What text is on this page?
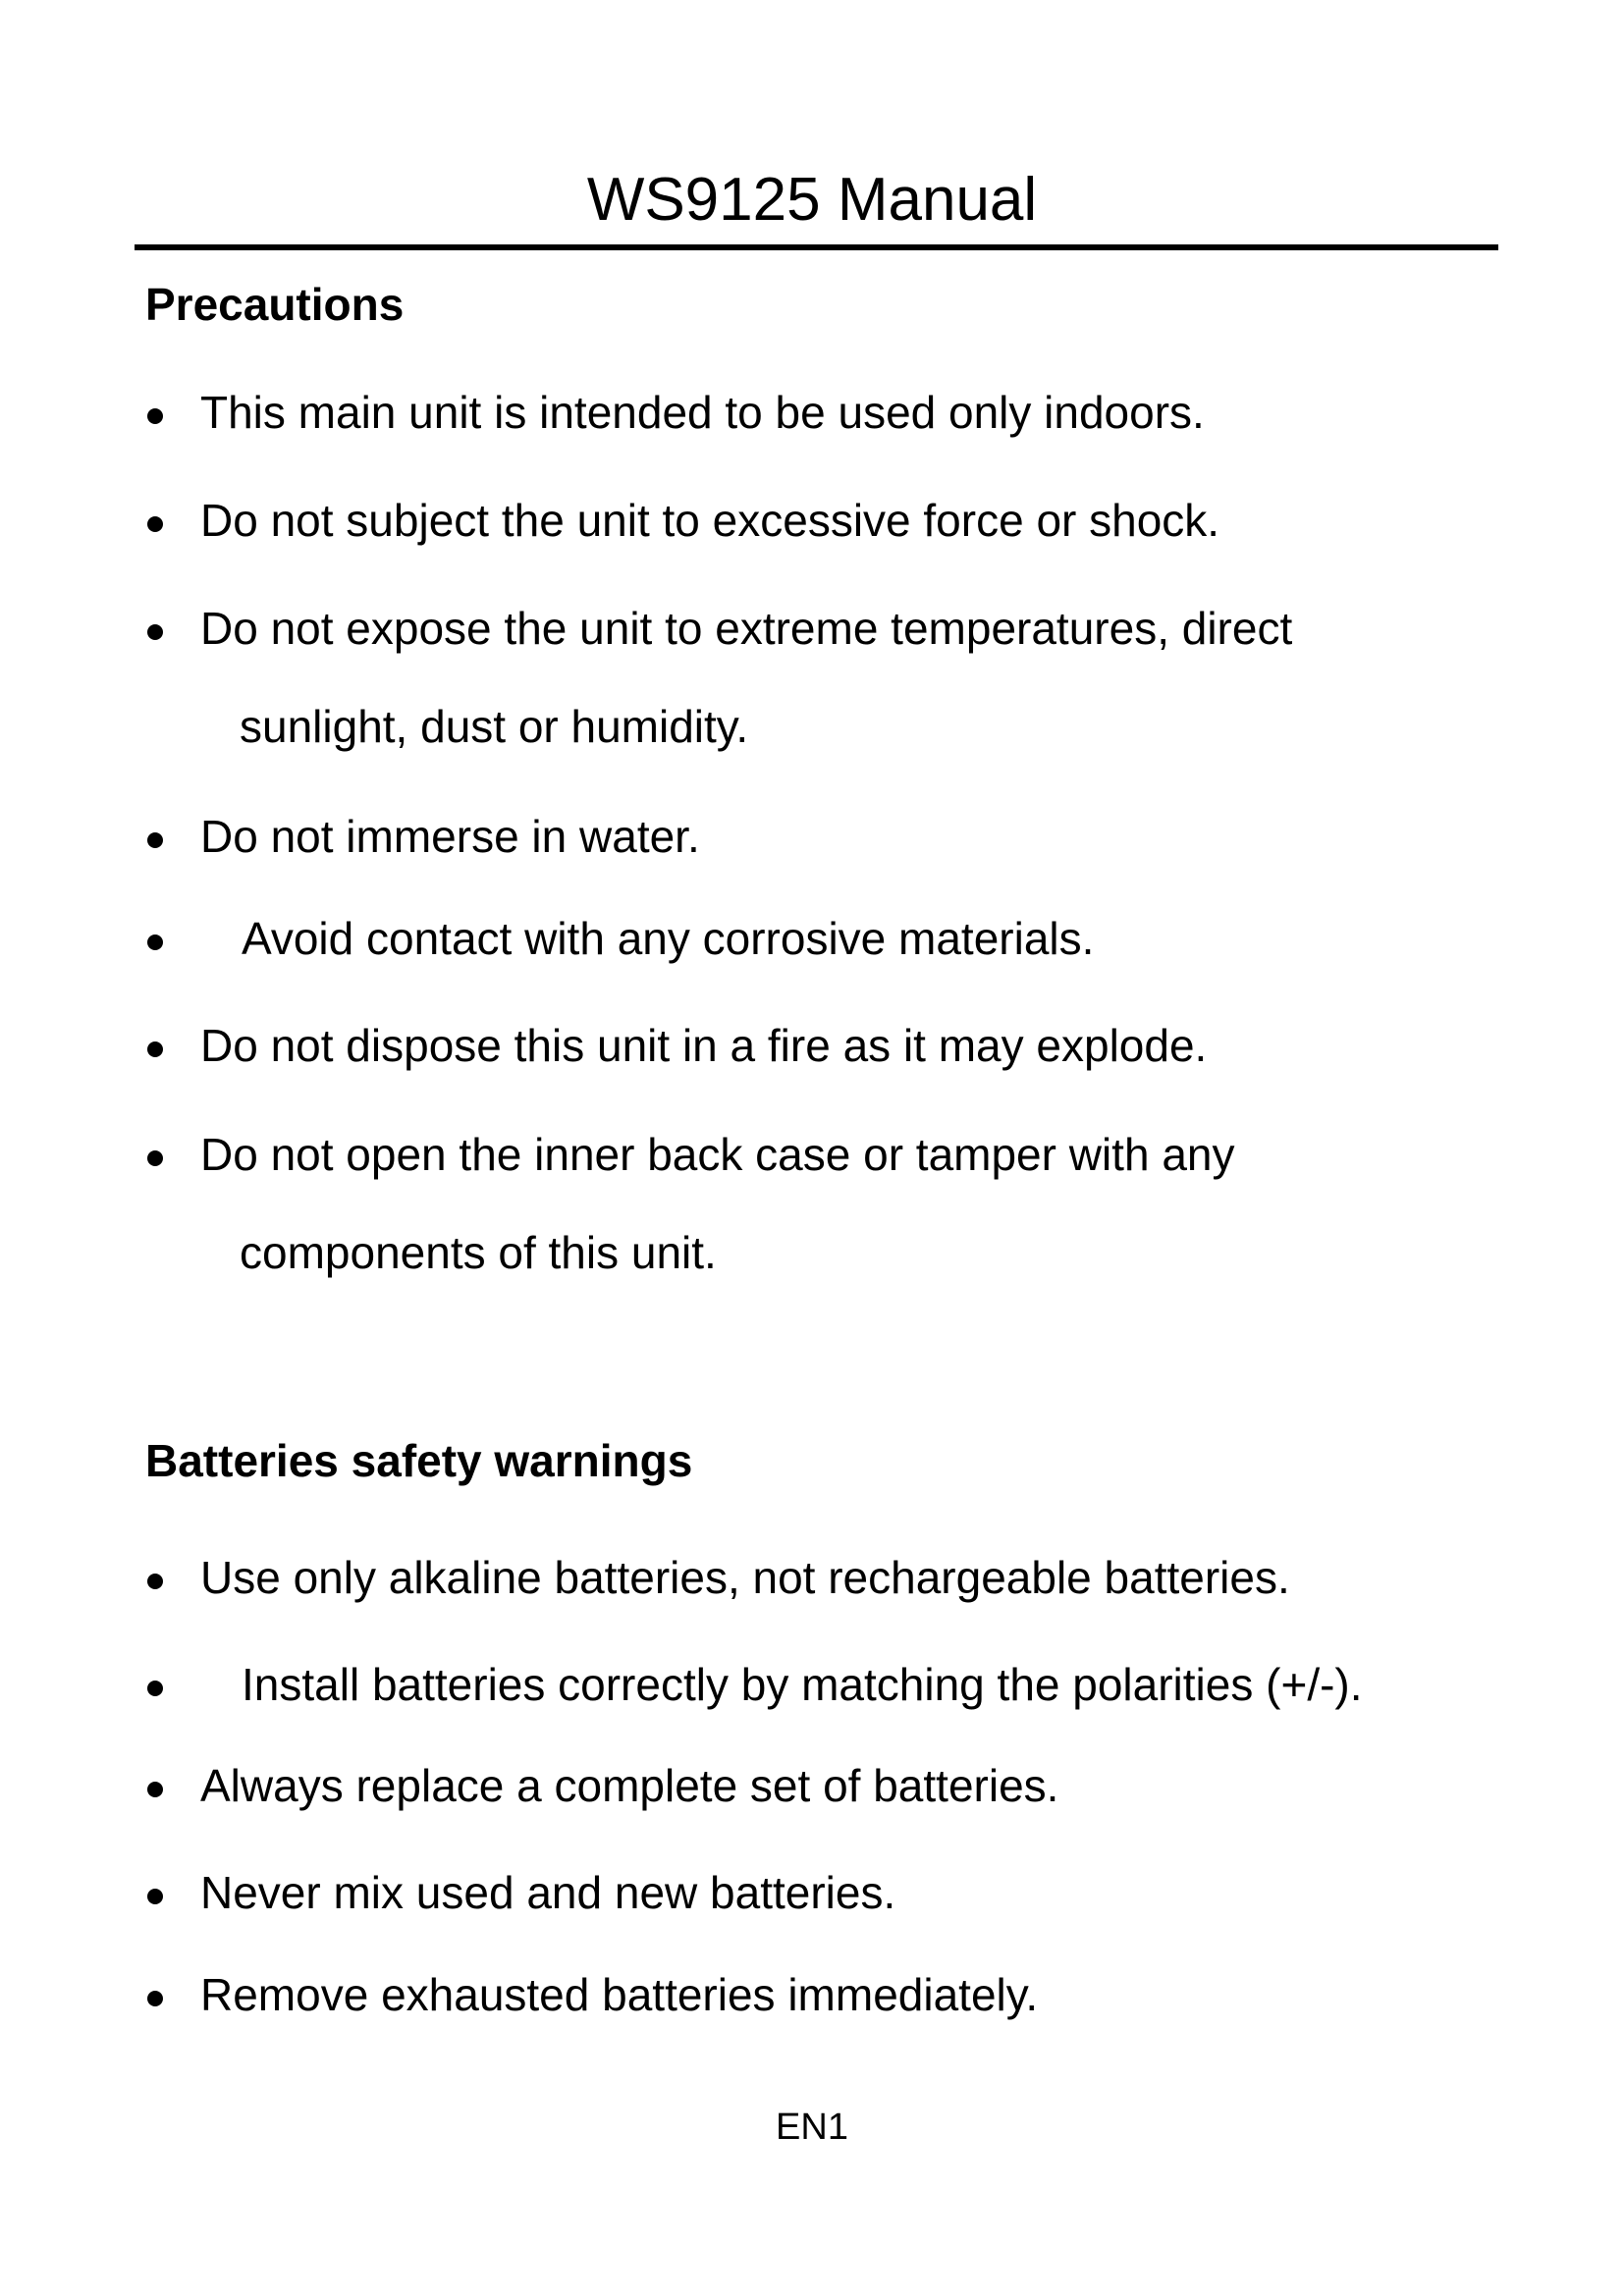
WS9125 Manual
Precautions
This main unit is intended to be used only indoors.
Do not subject the unit to excessive force or shock.
Do not expose the unit to extreme temperatures, direct
sunlight, dust or humidity.
Do not immerse in water.
Avoid contact with any corrosive materials.
Do not dispose this unit in a fire as it may explode.
Do not open the inner back case or tamper with any
components of this unit.
Batteries safety warnings
Use only alkaline batteries, not rechargeable batteries.
Install batteries correctly by matching the polarities (+/-).
Always replace a complete set of batteries.
Never mix used and new batteries.
Remove exhausted batteries immediately.
EN1
